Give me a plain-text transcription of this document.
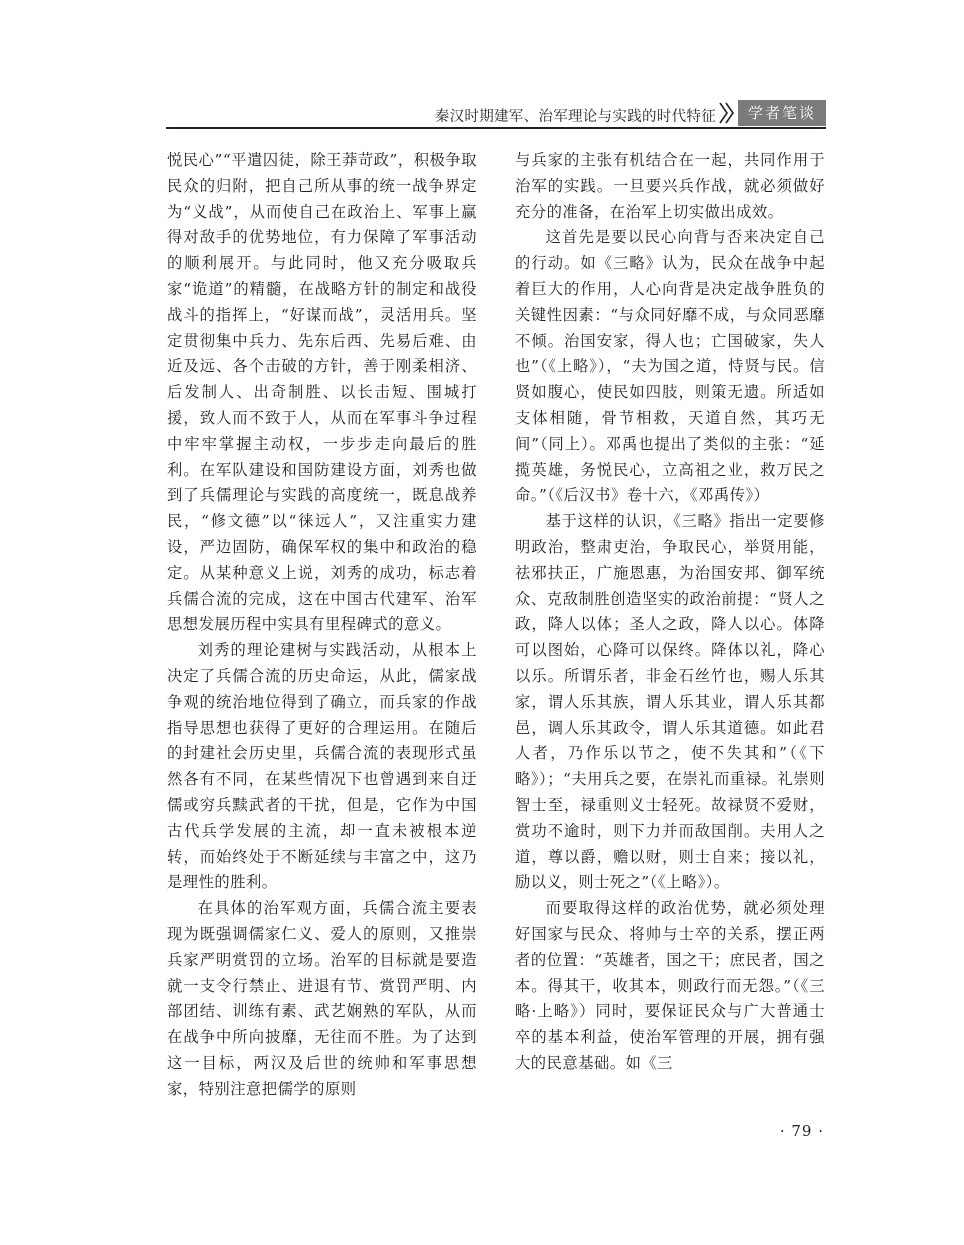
秦汉时期建军、治军理论与实践的时代特征	学者笔谈

悦民心”“平遣囚徒，除王莽苛政”，积极争取民众的归附，把自己所从事的统一战争界定为“义战”，从而使自己在政治上、军事上赢得对敌手的优势地位，有力保障了军事活动的顺利展开。与此同时，他又充分吸取兵家“诡道”的精髓，在战略方针的制定和战役战斗的指挥上，“好谋而战”，灵活用兵。坚定贯彻集中兵力、先东后西、先易后难、由近及远、各个击破的方针，善于刚柔相济、后发制人、出奇制胜、以长击短、围城打援，致人而不致于人，从而在军事斗争过程中牢牢掌握主动权，一步步走向最后的胜利。在军队建设和国防建设方面，刘秀也做到了兵儒理论与实践的高度统一，既息战养民，“修文德”以“徕远人”，又注重实力建设，严边固防，确保军权的集中和政治的稳定。从某种意义上说，刘秀的成功，标志着兵儒合流的完成，这在中国古代建军、治军思想发展历程中实具有里程碑式的意义。

刘秀的理论建树与实践活动，从根本上决定了兵儒合流的历史命运，从此，儒家战争观的统治地位得到了确立，而兵家的作战指导思想也获得了更好的合理运用。在随后的封建社会历史里，兵儒合流的表现形式虽然各有不同，在某些情况下也曾遇到来自迂儒或穷兵黩武者的干扰，但是，它作为中国古代兵学发展的主流，却一直未被根本逆转，而始终处于不断延续与丰富之中，这乃是理性的胜利。

在具体的治军观方面，兵儒合流主要表现为既强调儒家仁义、爱人的原则，又推崇兵家严明赏罚的立场。治军的目标就是要造就一支令行禁止、进退有节、赏罚严明、内部团结、训练有素、武艺娴熟的军队，从而在战争中所向披靡，无往而不胜。为了达到这一目标，两汉及后世的统帅和军事思想家，特别注意把儒学的原则

与兵家的主张有机结合在一起，共同作用于治军的实践。一旦要兴兵作战，就必须做好充分的准备，在治军上切实做出成效。

这首先是要以民心向背与否来决定自己的行动。如《三略》认为，民众在战争中起着巨大的作用，人心向背是决定战争胜负的关键性因素：“与众同好靡不成，与众同恶靡不倾。治国安家，得人也；亡国破家，失人也”（《上略》），“夫为国之道，恃贤与民。信贤如腹心，使民如四肢，则策无遗。所适如支体相随，骨节相救，天道自然，其巧无间”（同上）。邓禹也提出了类似的主张：“延揽英雄，务悦民心，立高祖之业，救万民之命。”（《后汉书》卷十六，《邓禹传》）

基于这样的认识，《三略》指出一定要修明政治，整肃吏治，争取民心，举贤用能，祛邪扶正，广施恩惠，为治国安邦、御军统众、克敌制胜创造坚实的政治前提：“贤人之政，降人以体；圣人之政，降人以心。体降可以图始，心降可以保终。降体以礼，降心以乐。所谓乐者，非金石丝竹也，赐人乐其家，谓人乐其族，谓人乐其业，谓人乐其都邑，调人乐其政令，谓人乐其道德。如此君人者，乃作乐以节之，使不失其和”（《下略》）；“夫用兵之要，在崇礼而重禄。礼崇则智士至，禄重则义士轻死。故禄贤不爱财，赏功不逾时，则下力并而敌国削。夫用人之道，尊以爵，赡以财，则士自来；接以礼，励以义，则士死之”（《上略》）。

而要取得这样的政治优势，就必须处理好国家与民众、将帅与士卒的关系，摆正两者的位置：“英雄者，国之干；庶民者，国之本。得其干，收其本，则政行而无怨。”（《三略·上略》）同时，要保证民众与广大普通士卒的基本利益，使治军管理的开展，拥有强大的民意基础。如《三

· 79 ·
